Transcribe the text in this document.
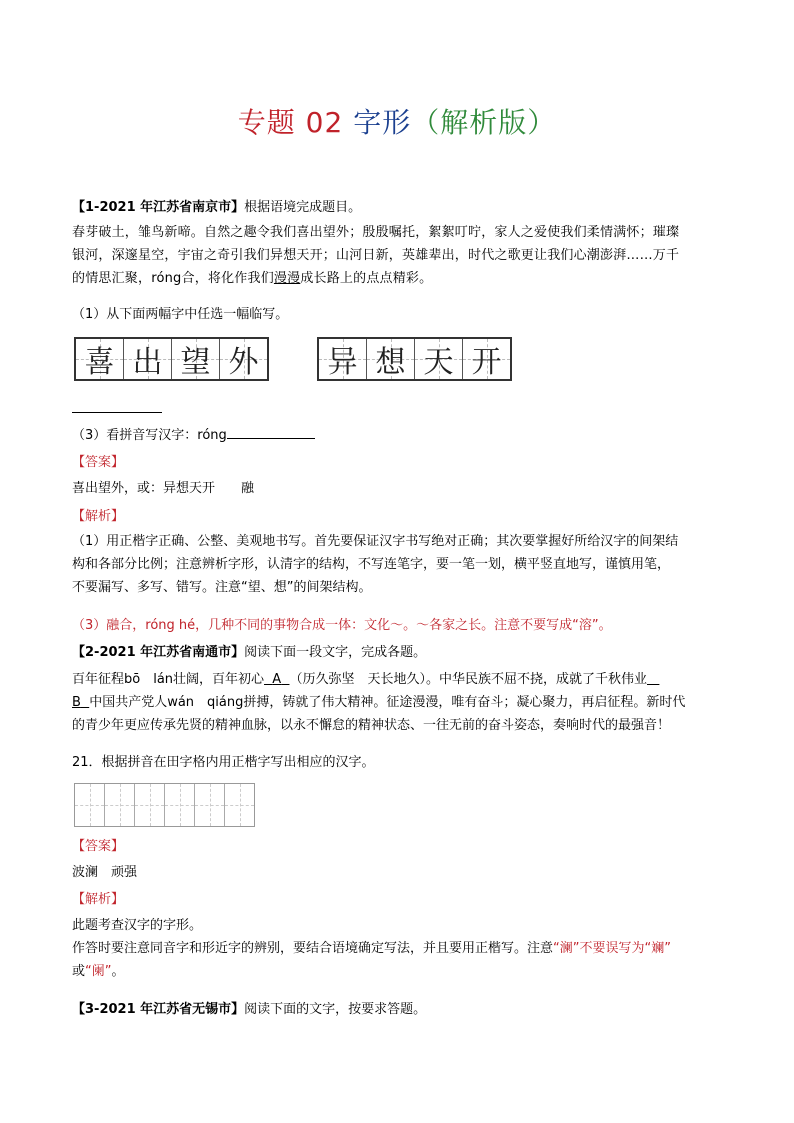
专题 02 字形（解析版）
【1-2021 年江苏省南京市】根据语境完成题目。
春芽破土，雏鸟新啼。自然之趣令我们喜出望外；殷殷嘱托，絮絮叮咛，家人之爱使我们柔情满怀；璀璨
银河，深邃星空，宇宙之奇引我们异想天开；山河日新，英雄辈出，时代之歌更让我们心潮澎湃……万千
的情思汇聚，róng合，将化作我们漫漫成长路上的点点精彩。
（1）从下面两幅字中任选一幅临写。
喜 出 望 外 异 想 天 开
（3）看拼音写汉字：róng
【答案】
喜出望外，或：异想天开　　融
【解析】
（1）用正楷字正确、公整、美观地书写。首先要保证汉字书写绝对正确；其次要掌握好所给汉字的间架结
构和各部分比例；注意辨析字形，认清字的结构，不写连笔字，要一笔一划，横平竖直地写，谨慎用笔，
不要漏写、多写、错写。注意“望、想”的间架结构。
（3）融合，róng hé，几种不同的事物合成一体：文化～。～各家之长。注意不要写成“溶”。
【2-2021 年江苏省南通市】阅读下面一段文字，完成各题。
百年征程bō　lán壮阔，百年初心 A （历久弥坚　天长地久）。中华民族不屈不挠，成就了千秋伟业
B 中国共产党人wán　qiáng拼搏，铸就了伟大精神。征途漫漫，唯有奋斗；凝心聚力，再启征程。新时代
的青少年更应传承先贤的精神血脉，以永不懈怠的精神状态、一往无前的奋斗姿态，奏响时代的最强音！
21．根据拼音在田字格内用正楷字写出相应的汉字。
【答案】
波澜　顽强
【解析】
此题考查汉字的字形。
作答时要注意同音字和形近字的辨别，要结合语境确定写法，并且要用正楷写。注意“澜”不要误写为“斓”
或“阑”。
【3-2021 年江苏省无锡市】阅读下面的文字，按要求答题。
